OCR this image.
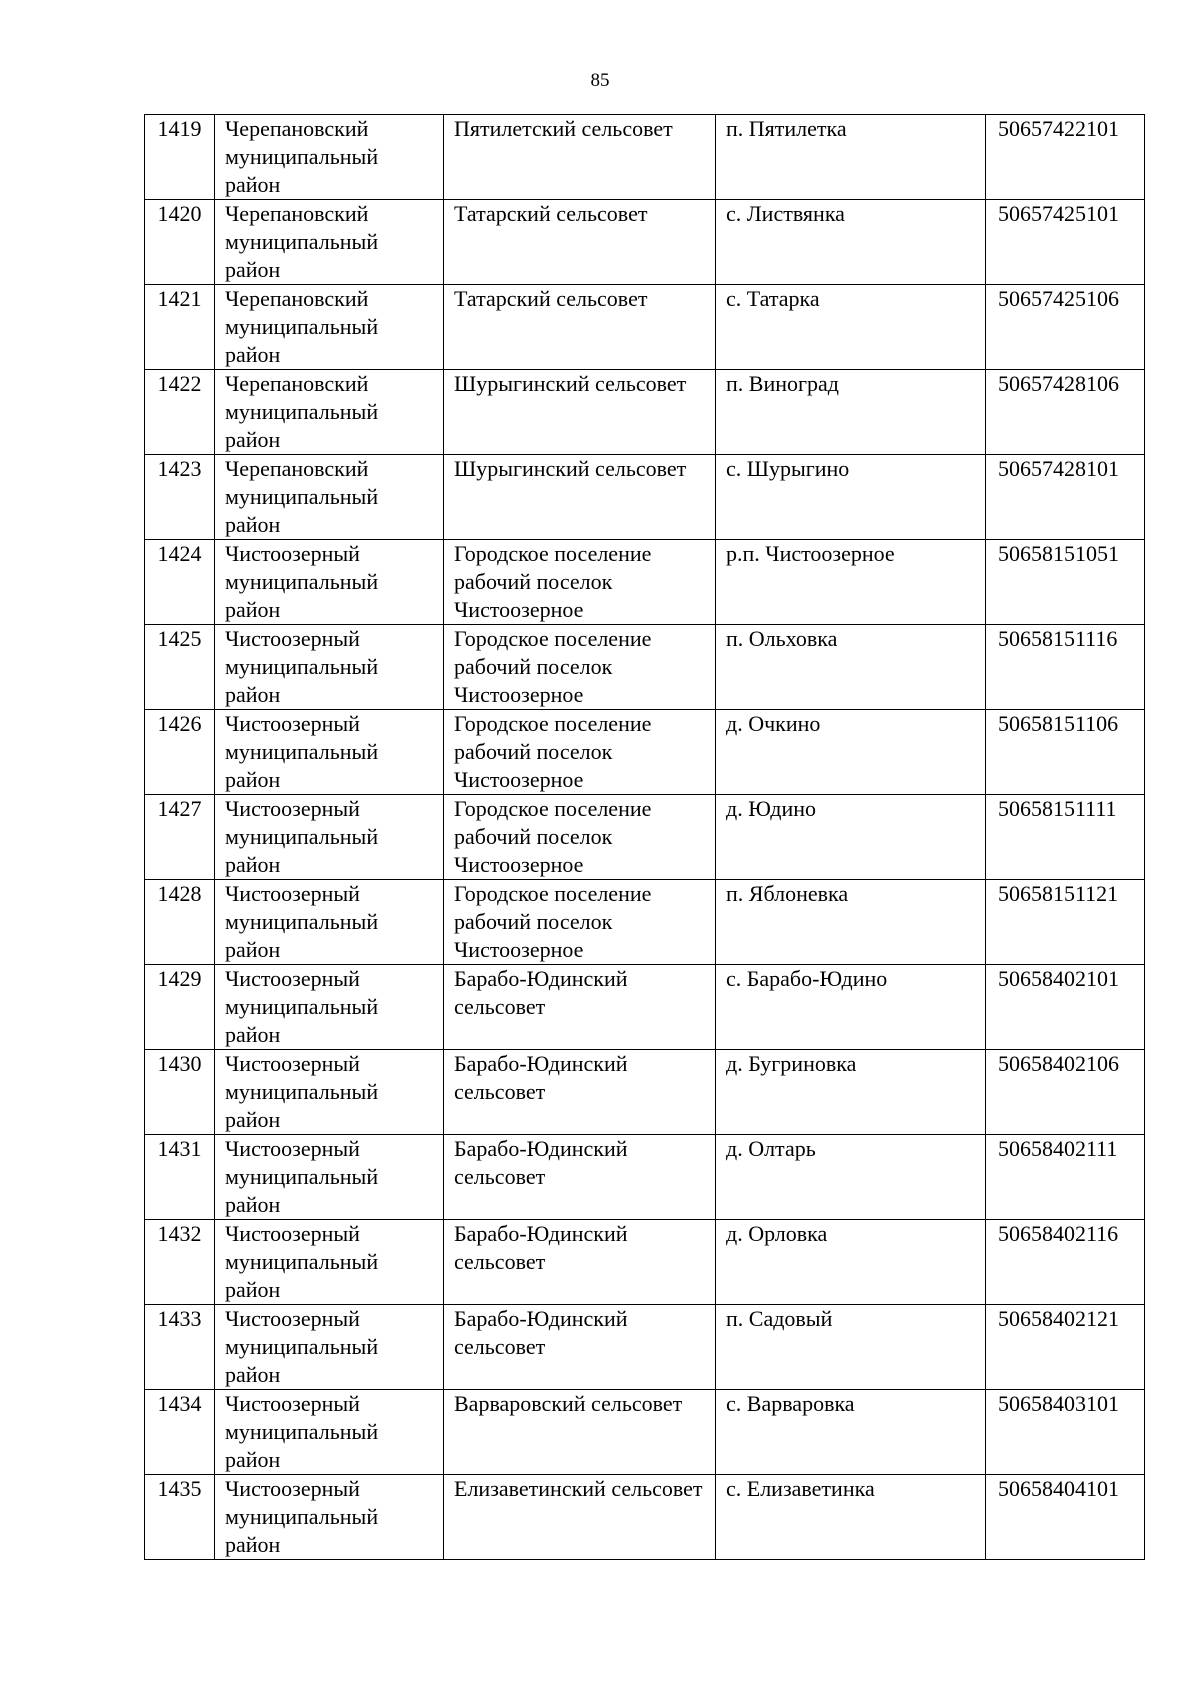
85
1419	Черепановский муниципальный район	Пятилетский сельсовет	п. Пятилетка	50657422101
1420	Черепановский муниципальный район	Татарский сельсовет	с. Листвянка	50657425101
1421	Черепановский муниципальный район	Татарский сельсовет	с. Татарка	50657425106
1422	Черепановский муниципальный район	Шурыгинский сельсовет	п. Виноград	50657428106
1423	Черепановский муниципальный район	Шурыгинский сельсовет	с. Шурыгино	50657428101
1424	Чистоозерный муниципальный район	Городское поселение рабочий поселок Чистоозерное	р.п. Чистоозерное	50658151051
1425	Чистоозерный муниципальный район	Городское поселение рабочий поселок Чистоозерное	п. Ольховка	50658151116
1426	Чистоозерный муниципальный район	Городское поселение рабочий поселок Чистоозерное	д. Очкино	50658151106
1427	Чистоозерный муниципальный район	Городское поселение рабочий поселок Чистоозерное	д. Юдино	50658151111
1428	Чистоозерный муниципальный район	Городское поселение рабочий поселок Чистоозерное	п. Яблоневка	50658151121
1429	Чистоозерный муниципальный район	Барабо-Юдинский сельсовет	с. Барабо-Юдино	50658402101
1430	Чистоозерный муниципальный район	Барабо-Юдинский сельсовет	д. Бугриновка	50658402106
1431	Чистоозерный муниципальный район	Барабо-Юдинский сельсовет	д. Олтарь	50658402111
1432	Чистоозерный муниципальный район	Барабо-Юдинский сельсовет	д. Орловка	50658402116
1433	Чистоозерный муниципальный район	Барабо-Юдинский сельсовет	п. Садовый	50658402121
1434	Чистоозерный муниципальный район	Варваровский сельсовет	с. Варваровка	50658403101
1435	Чистоозерный муниципальный район	Елизаветинский сельсовет	с. Елизаветинка	50658404101
